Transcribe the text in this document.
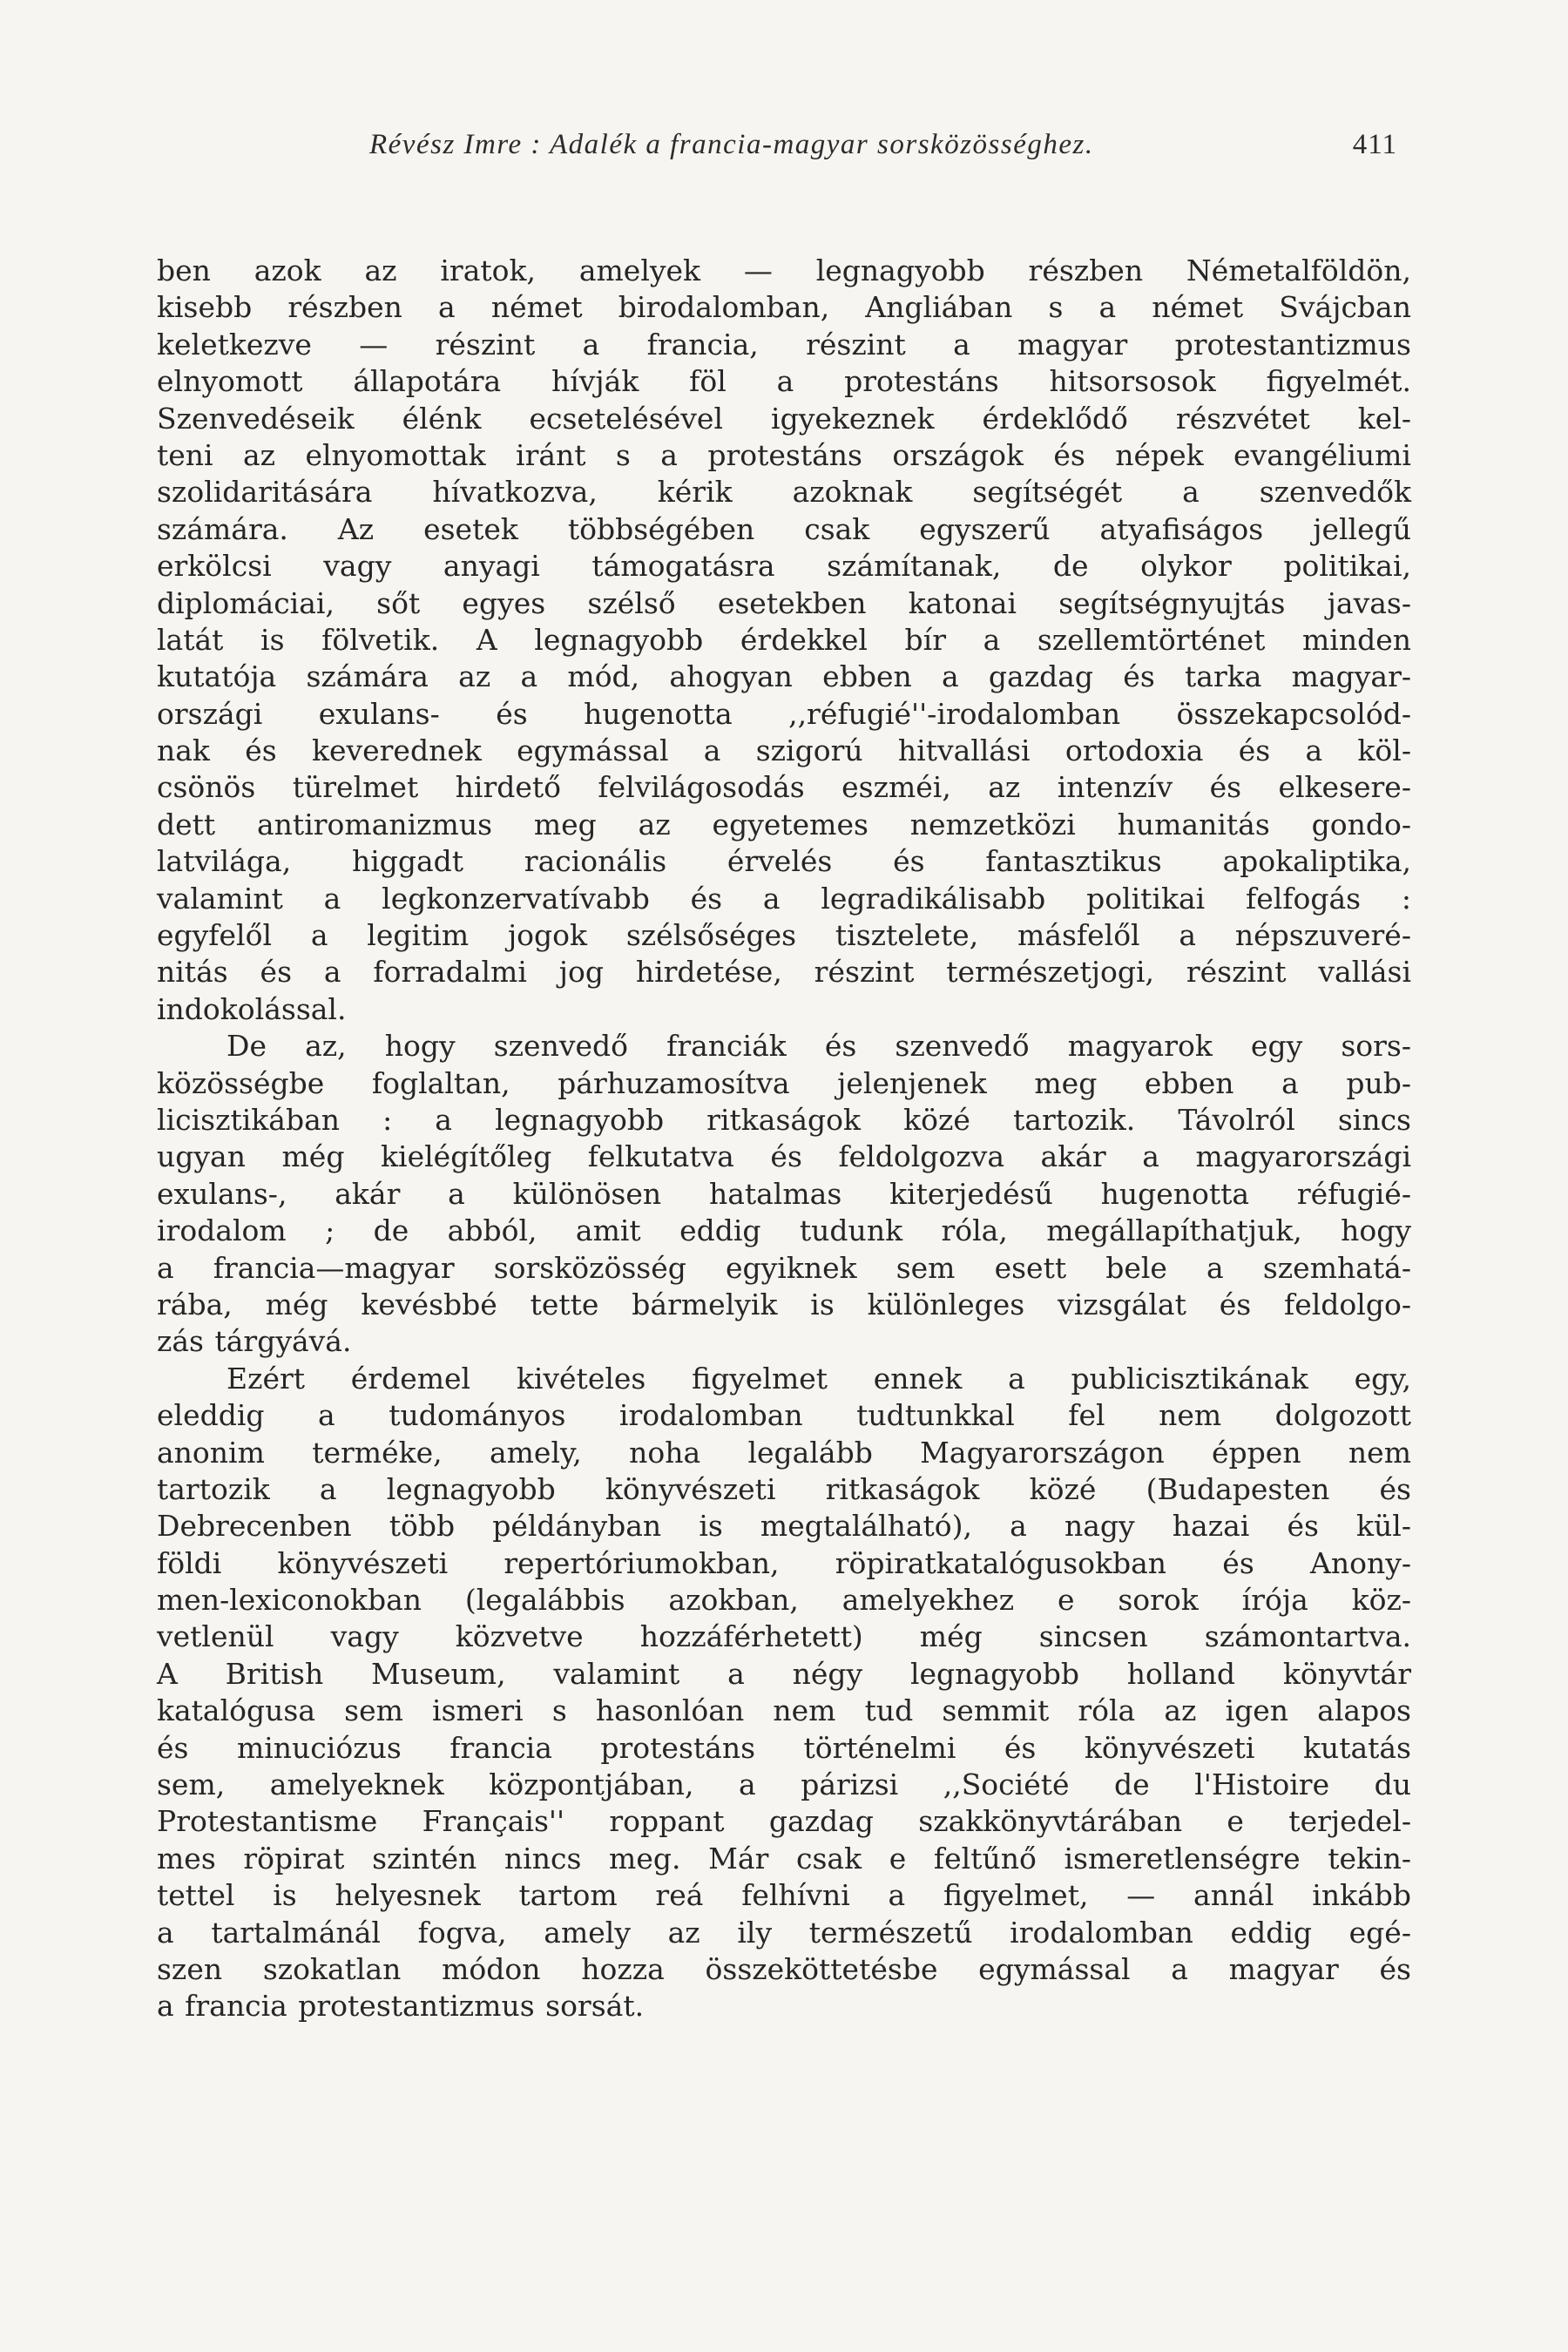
Révész Imre : Adalék a francia-magyar sorsközösséghez.	411
ben azok az iratok, amelyek — legnagyobb részben Németalföldön,
kisebb részben a német birodalomban, Angliában s a német Svájcban
keletkezve — részint a francia, részint a magyar protestantizmus
elnyomott állapotára hívják föl a protestáns hitsorsosok figyelmét.
Szenvedéseik élénk ecsetelésével igyekeznek érdeklődő részvétet kel-
teni az elnyomottak iránt s a protestáns országok és népek evangéliumi
szolidaritására hívatkozva, kérik azoknak segítségét a szenvedők
számára. Az esetek többségében csak egyszerű atyafiságos jellegű
erkölcsi vagy anyagi támogatásra számítanak, de olykor politikai,
diplomáciai, sőt egyes szélső esetekben katonai segítségnyujtás javas-
latát is fölvetik. A legnagyobb érdekkel bír a szellemtörténet minden
kutatója számára az a mód, ahogyan ebben a gazdag és tarka magyar-
országi exulans- és hugenotta ,,réfugié''-irodalomban összekapcsolód-
nak és keverednek egymással a szigorú hitvallási ortodoxia és a köl-
csönös türelmet hirdető felvilágosodás eszméi, az intenzív és elkesere-
dett antiromanizmus meg az egyetemes nemzetközi humanitás gondo-
latvilága, higgadt racionális érvelés és fantasztikus apokaliptika,
valamint a legkonzervatívabb és a legradikálisabb politikai felfogás :
egyfelől a legitim jogok szélsőséges tisztelete, másfelől a népszuveré-
nitás és a forradalmi jog hirdetése, részint természetjogi, részint vallási
indokolással.
De az, hogy szenvedő franciák és szenvedő magyarok egy sors-
közösségbe foglaltan, párhuzamosítva jelenjenek meg ebben a pub-
licisztikában : a legnagyobb ritkaságok közé tartozik. Távolról sincs
ugyan még kielégítőleg felkutatva és feldolgozva akár a magyarországi
exulans-, akár a különösen hatalmas kiterjedésű hugenotta réfugié-
irodalom ; de abból, amit eddig tudunk róla, megállapíthatjuk, hogy
a francia—magyar sorsközösség egyiknek sem esett bele a szemhatá-
rába, még kevésbbé tette bármelyik is különleges vizsgálat és feldolgo-
zás tárgyává.
Ezért érdemel kivételes figyelmet ennek a publicisztikának egy,
eleddig a tudományos irodalomban tudtunkkal fel nem dolgozott
anonim terméke, amely, noha legalább Magyarországon éppen nem
tartozik a legnagyobb könyvészeti ritkaságok közé (Budapesten és
Debrecenben több példányban is megtalálható), a nagy hazai és kül-
földi könyvészeti repertóriumokban, röpiratkatalógusokban és Anony-
men-lexiconokban (legalábbis azokban, amelyekhez e sorok írója köz-
vetlenül vagy közvetve hozzáférhetett) még sincsen számontartva.
A British Museum, valamint a négy legnagyobb holland könyvtár
katalógusa sem ismeri s hasonlóan nem tud semmit róla az igen alapos
és minuciózus francia protestáns történelmi és könyvészeti kutatás
sem, amelyeknek központjában, a párizsi ,,Société de l'Histoire du
Protestantisme Français'' roppant gazdag szakkönyvtárában e terjedel-
mes röpirat szintén nincs meg. Már csak e feltűnő ismeretlenségre tekin-
tettel is helyesnek tartom reá felhívni a figyelmet, — annál inkább
a tartalmánál fogva, amely az ily természetű irodalomban eddig egé-
szen szokatlan módon hozza összeköttetésbe egymással a magyar és
a francia protestantizmus sorsát.
